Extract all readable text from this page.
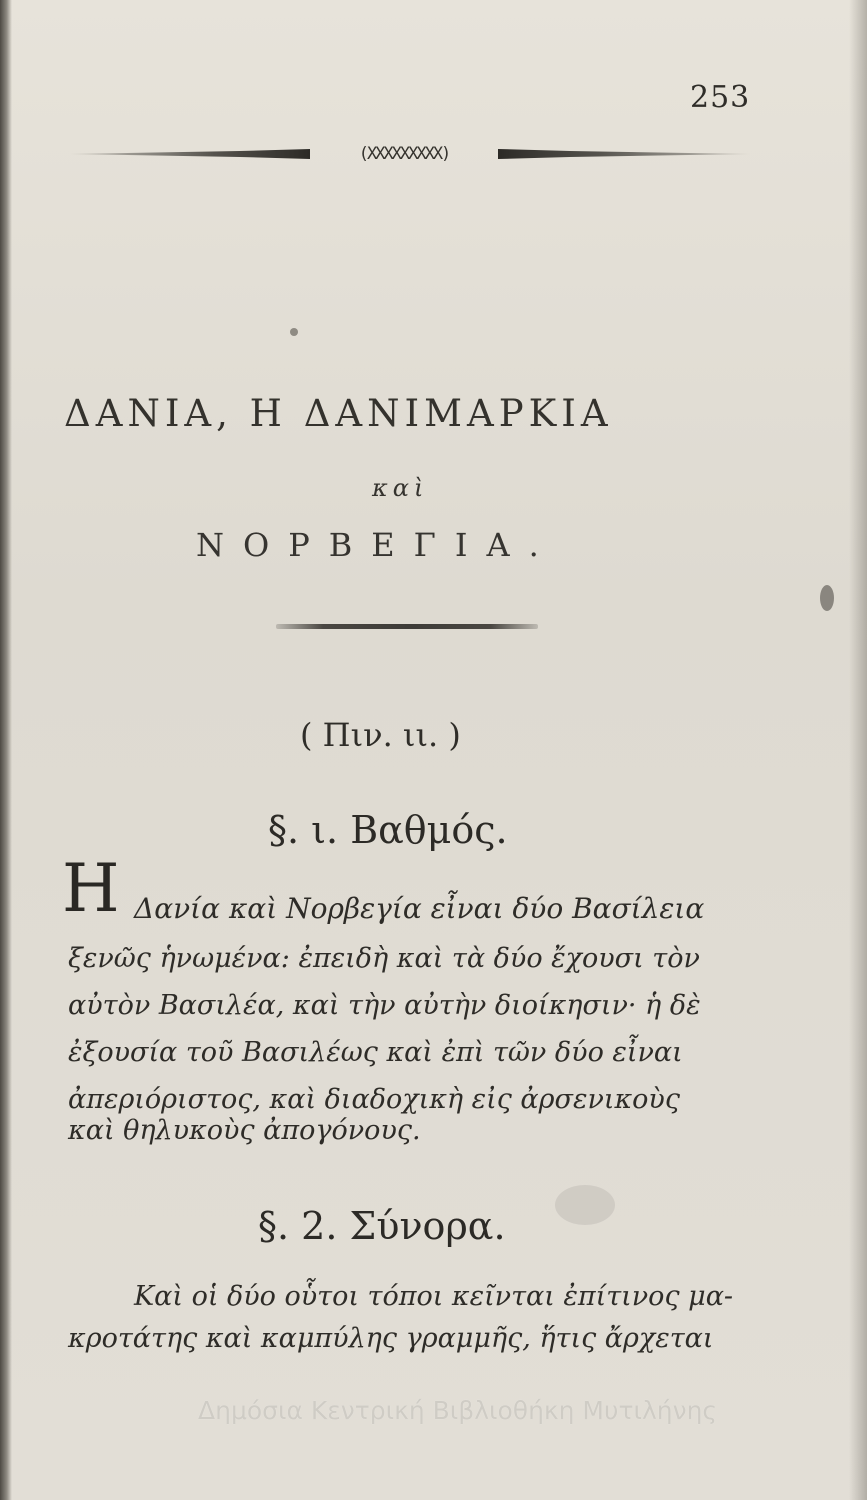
253
(XXXXXXXXX)
ΔΑΝΙΑ, Η ΔΑΝΙΜΑΡΚΙΑ
καὶ
ΝΟΡΒΕΓΙΑ.
( Πιν. ιι. )
§. ι. Βαθμός.
Η Δανία καὶ Νορβεγία εἶναι δύο Βασίλεια
ξενῶς ἡνωμένα: ἐπειδὴ καὶ τὰ δύο ἔχουσι τὸν
αὐτὸν Βασιλέα, καὶ τὴν αὐτὴν διοίκησιν· ἡ δὲ
ἐξουσία τοῦ Βασιλέως καὶ ἐπὶ τῶν δύο εἶναι
ἀπεριόριστος, καὶ διαδοχικὴ εἰς ἀρσενικοὺς
καὶ θηλυκοὺς ἀπογόνους.
§. 2. Σύνορα.
Καὶ οἱ δύο οὗτοι τόποι κεῖνται ἐπίτινος μα-
κροτάτης καὶ καμπύλης γραμμῆς, ἥτις ἄρχεται
Δημόσια Κεντρική Βιβλιοθήκη Μυτιλήνης
